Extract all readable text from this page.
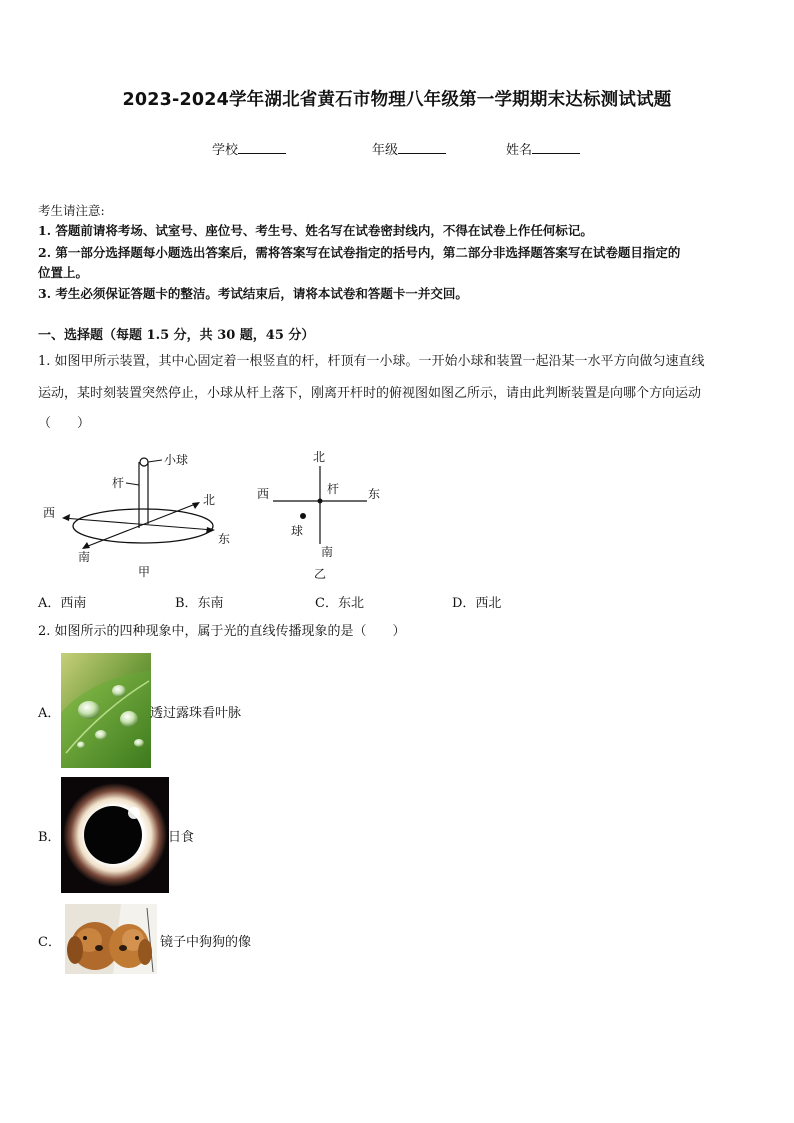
2023-2024学年湖北省黄石市物理八年级第一学期期末达标测试试题
学校	年级	姓名
考生请注意:
1. 答题前请将考场、试室号、座位号、考生号、姓名写在试卷密封线内，不得在试卷上作任何标记。
2. 第一部分选择题每小题选出答案后，需将答案写在试卷指定的括号内，第二部分非选择题答案写在试卷题目指定的
位置上。
3. 考生必须保证答题卡的整洁。考试结束后，请将本试卷和答题卡一并交回。
一、选择题（每题 1.5 分，共 30 题，45 分）
1. 如图甲所示装置，其中心固定着一根竖直的杆，杆顶有一小球。一开始小球和装置一起沿某一水平方向做匀速直线
运动，某时刻装置突然停止，小球从杆上落下，刚离开杆时的俯视图如图乙所示，请由此判断装置是向哪个方向运动
（　　）
小球
杆
西
北
东
南
甲
北
西	杆 东
球
南
乙
A．西南	B．东南	C．东北	D．西北
2. 如图所示的四种现象中，属于光的直线传播现象的是（　　）
A．	透过露珠看叶脉
B．	日食
C．	镜子中狗狗的像
